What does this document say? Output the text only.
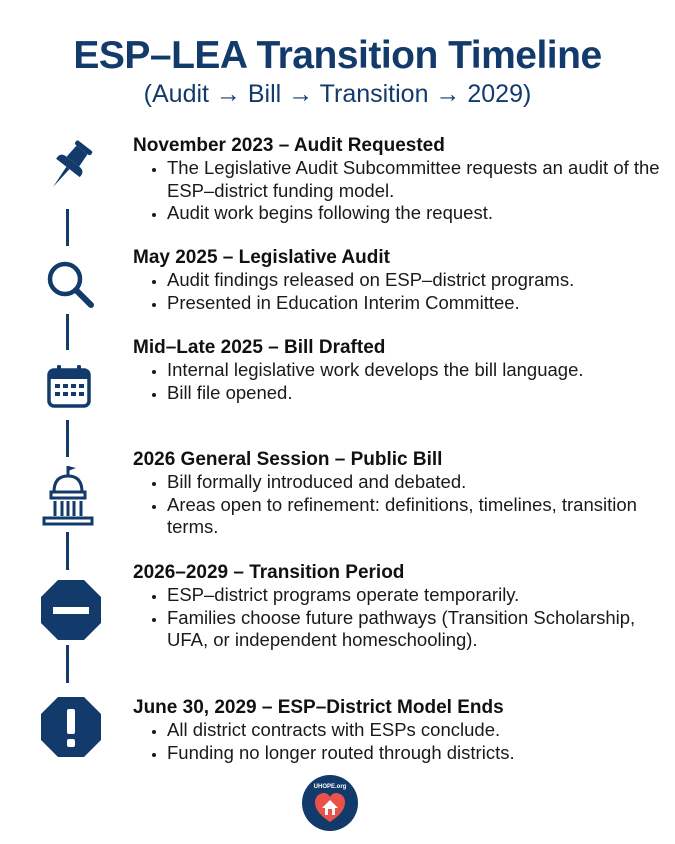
ESP–LEA Transition Timeline
(Audit → Bill → Transition → 2029)

November 2023 – Audit Requested

• The Legislative Audit Subcommittee requests an audit of the ESP–district funding model.
• Audit work begins following the request.

May 2025 – Legislative Audit

• Audit findings released on ESP–district programs.
• Presented in Education Interim Committee.

Mid–Late 2025 – Bill Drafted

• Internal legislative work develops the bill language.
• Bill file opened.

2026 General Session – Public Bill

• Bill formally introduced and debated.
• Areas open to refinement: definitions, timelines, transition terms.

2026–2029 – Transition Period

• ESP–district programs operate temporarily.
• Families choose future pathways (Transition Scholarship, UFA, or independent homeschooling).

June 30, 2029 – ESP–District Model Ends

• All district contracts with ESPs conclude.
• Funding no longer routed through districts.
UHOPE.org
